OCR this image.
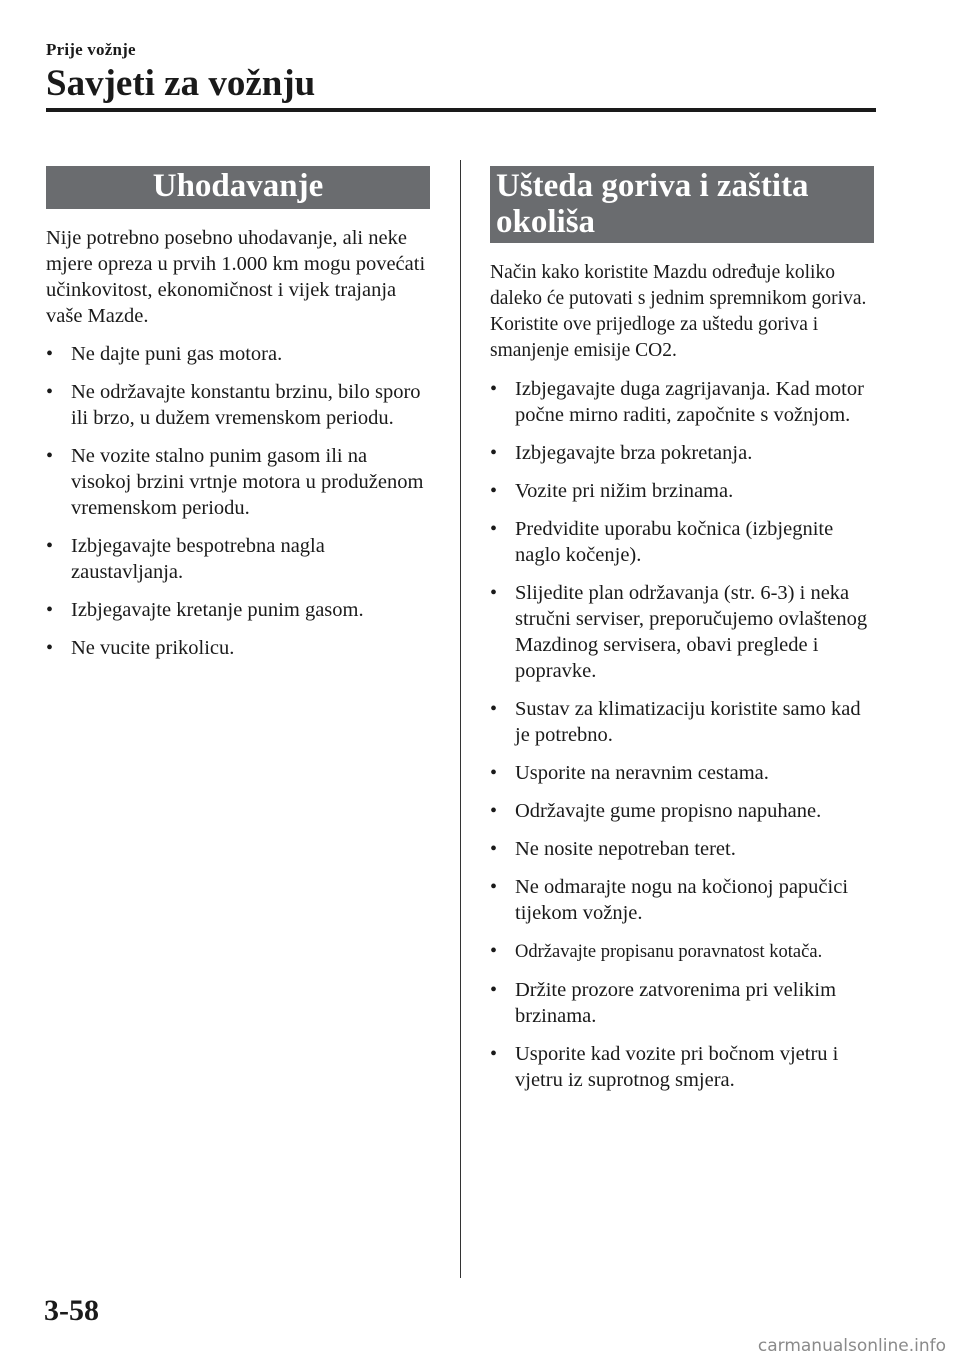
Prije vožnje
Savjeti za vožnju
Uhodavanje
Nije potrebno posebno uhodavanje, ali neke mjere opreza u prvih 1.000 km mogu povećati učinkovitost, ekonomičnost i vijek trajanja vaše Mazde.
• Ne dajte puni gas motora.
• Ne održavajte konstantu brzinu, bilo sporo ili brzo, u dužem vremenskom periodu.
• Ne vozite stalno punim gasom ili na visokoj brzini vrtnje motora u produženom vremenskom periodu.
• Izbjegavajte bespotrebna nagla zaustavljanja.
• Izbjegavajte kretanje punim gasom.
• Ne vucite prikolicu.
Ušteda goriva i zaštita okoliša
Način kako koristite Mazdu određuje koliko daleko će putovati s jednim spremnikom goriva. Koristite ove prijedloge za uštedu goriva i smanjenje emisije CO2.
• Izbjegavajte duga zagrijavanja. Kad motor počne mirno raditi, započnite s vožnjom.
• Izbjegavajte brza pokretanja.
• Vozite pri nižim brzinama.
• Predvidite uporabu kočnica (izbjegnite naglo kočenje).
• Slijedite plan održavanja (str. 6-3) i neka stručni serviser, preporučujemo ovlaštenog Mazdinog servisera, obavi preglede i popravke.
• Sustav za klimatizaciju koristite samo kad je potrebno.
• Usporite na neravnim cestama.
• Održavajte gume propisno napuhane.
• Ne nosite nepotreban teret.
• Ne odmarajte nogu na kočionoj papučici tijekom vožnje.
• Održavajte propisanu poravnatost kotača.
• Držite prozore zatvorenima pri velikim brzinama.
• Usporite kad vozite pri bočnom vjetru i vjetru iz suprotnog smjera.
3-58
carmanualsonline.info
